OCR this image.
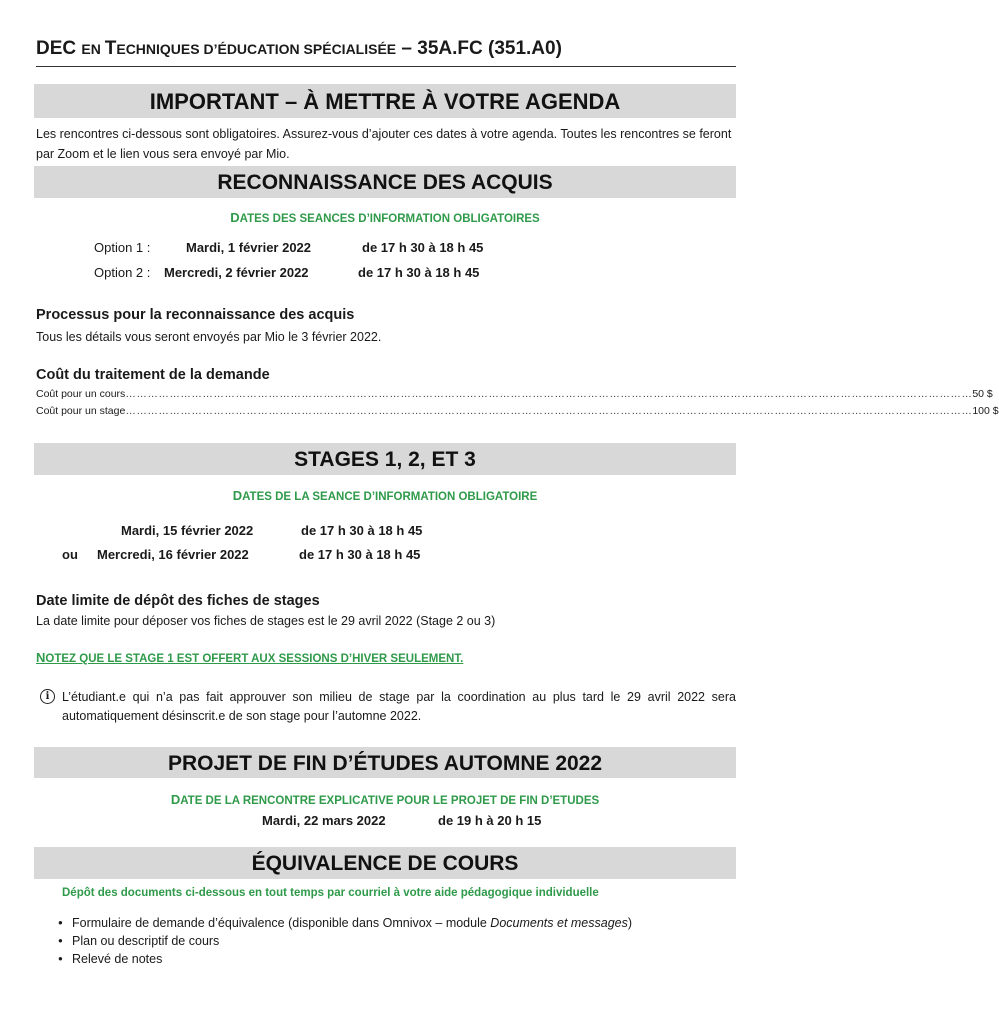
DEC EN TECHNIQUES D’ÉDUCATION SPÉCIALISÉE – 35A.FC (351.A0)
IMPORTANT – À METTRE À VOTRE AGENDA
Les rencontres ci-dessous sont obligatoires. Assurez-vous d’ajouter ces dates à votre agenda. Toutes les rencontres se feront par Zoom et le lien vous sera envoyé par Mio.
RECONNAISSANCE DES ACQUIS
DATES DES SEANCES D’INFORMATION OBLIGATOIRES
Option 1 :	Mardi, 1 février 2022	de 17 h 30 à 18 h 45
Option 2 : Mercredi, 2 février 2022	de 17 h 30 à 18 h 45
Processus pour la reconnaissance des acquis
Tous les détails vous seront envoyés par Mio le 3 février 2022.
Coût du traitement de la demande
Coût pour un cours …………………………………………………………………………………………………………………………………………………………………………………………………………… 50 $
Coût pour un stage …………………………………………………………………………………………………………………………………………………………………………………………………………… 100 $
STAGES 1, 2, ET 3
DATES DE LA SEANCE D’INFORMATION OBLIGATOIRE
Mardi, 15 février 2022	de 17 h 30 à 18 h 45
ou Mercredi, 16 février 2022	de 17 h 30 à 18 h 45
Date limite de dépôt des fiches de stages
La date limite pour déposer vos fiches de stages est le 29 avril 2022 (Stage 2 ou 3)
NOTEZ QUE LE STAGE 1 EST OFFERT AUX SESSIONS D’HIVER SEULEMENT.
i	L’étudiant.e qui n’a pas fait approuver son milieu de stage par la coordination au plus tard le 29 avril 2022 sera automatiquement désinscrit.e de son stage pour l’automne 2022.
PROJET DE FIN D’ÉTUDES AUTOMNE 2022
DATE DE LA RENCONTRE EXPLICATIVE POUR LE PROJET DE FIN D’ETUDES
Mardi, 22 mars 2022	de 19 h à 20 h 15
ÉQUIVALENCE DE COURS
Dépôt des documents ci-dessous en tout temps par courriel à votre aide pédagogique individuelle
● Formulaire de demande d’équivalence (disponible dans Omnivox – module Documents et messages)
● Plan ou descriptif de cours
● Relevé de notes
